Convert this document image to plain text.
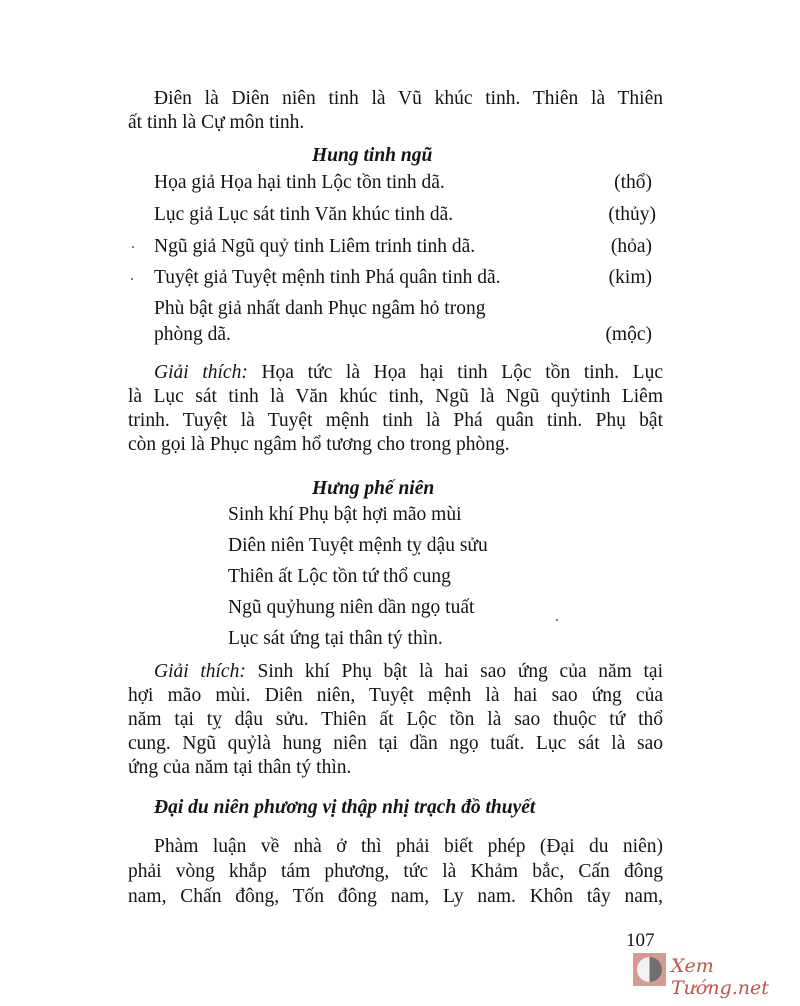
Điên là Diên niên tinh là Vũ khúc tinh. Thiên là Thiên
ất tinh là Cự môn tinh.
Hung tinh ngũ
Họa giả Họa hại tinh Lộc tồn tinh dã.	(thổ)
Lục giả Lục sát tinh Văn khúc tinh dã.	(thủy)
Ngũ giả Ngũ quỷ tinh Liêm trinh tinh dã.	(hỏa)
Tuyệt giả Tuyệt mệnh tinh Phá quân tinh dã.	(kim)
Phù bật giả nhất danh Phục ngâm hỏ trong
phòng dã.	(mộc)
Giải thích: Họa tức là Họa hại tinh Lộc tồn tinh. Lục
là Lục sát tinh là Văn khúc tinh, Ngũ là Ngũ quỷtinh Liêm
trinh. Tuyệt là Tuyệt mệnh tinh là Phá quân tinh. Phụ bật
còn gọi là Phục ngâm hổ tương cho trong phòng.
Hưng phế niên
Sinh khí Phụ bật hợi mão mùi
Diên niên Tuyệt mệnh tỵ dậu sửu
Thiên ất Lộc tồn tứ thổ cung
Ngũ quỷhung niên dần ngọ tuất
Lục sát ứng tại thân tý thìn.
Giải thích: Sinh khí Phụ bật là hai sao ứng của năm tại
hợi mão mùi. Diên niên, Tuyệt mệnh là hai sao ứng của
năm tại tỵ dậu sửu. Thiên ất Lộc tồn là sao thuộc tứ thổ
cung. Ngũ quỷlà hung niên tại dần ngọ tuất. Lục sát là sao
ứng của năm tại thân tý thìn.
Đại du niên phương vị thập nhị trạch đồ thuyết
Phàm luận về nhà ở thì phải biết phép (Đại du niên)
phải vòng khắp tám phương, tức là Khảm bắc, Cấn đông
nam, Chấn đông, Tốn đông nam, Ly nam. Khôn tây nam,
107
Xem Tướng.net
